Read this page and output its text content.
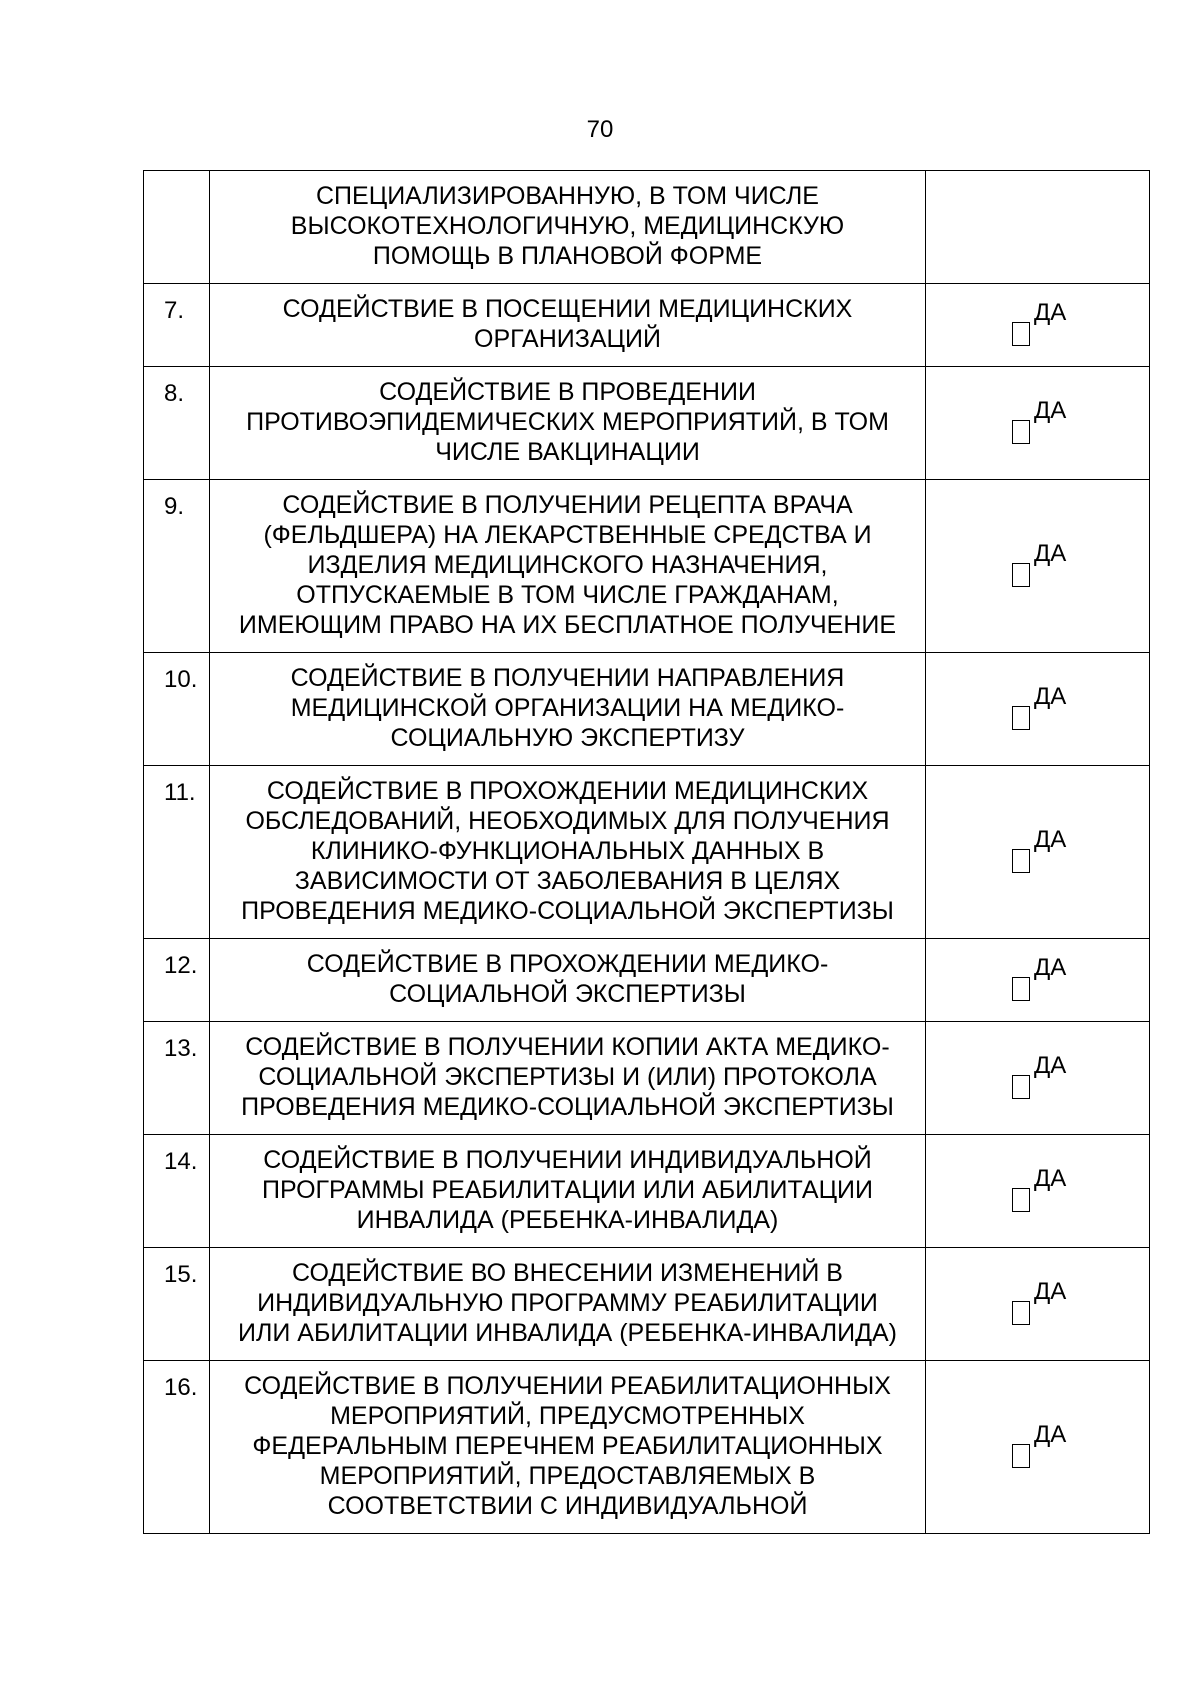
70
	СПЕЦИАЛИЗИРОВАННУЮ, В ТОМ ЧИСЛЕ
ВЫСОКОТЕХНОЛОГИЧНУЮ, МЕДИЦИНСКУЮ
ПОМОЩЬ В ПЛАНОВОЙ ФОРМЕ	
7.	СОДЕЙСТВИЕ В ПОСЕЩЕНИИ МЕДИЦИНСКИХ
ОРГАНИЗАЦИЙ	ДА

8.	СОДЕЙСТВИЕ В ПРОВЕДЕНИИ
ПРОТИВОЭПИДЕМИЧЕСКИХ МЕРОПРИЯТИЙ, В ТОМ
ЧИСЛЕ ВАКЦИНАЦИИ	ДА

9.	СОДЕЙСТВИЕ В ПОЛУЧЕНИИ РЕЦЕПТА ВРАЧА
(ФЕЛЬДШЕРА) НА ЛЕКАРСТВЕННЫЕ СРЕДСТВА И
ИЗДЕЛИЯ МЕДИЦИНСКОГО НАЗНАЧЕНИЯ,
ОТПУСКАЕМЫЕ В ТОМ ЧИСЛЕ ГРАЖДАНАМ,
ИМЕЮЩИМ ПРАВО НА ИХ БЕСПЛАТНОЕ ПОЛУЧЕНИЕ	ДА

10.	СОДЕЙСТВИЕ В ПОЛУЧЕНИИ НАПРАВЛЕНИЯ
МЕДИЦИНСКОЙ ОРГАНИЗАЦИИ НА МЕДИКО-
СОЦИАЛЬНУЮ ЭКСПЕРТИЗУ	ДА

11.	СОДЕЙСТВИЕ В ПРОХОЖДЕНИИ МЕДИЦИНСКИХ
ОБСЛЕДОВАНИЙ, НЕОБХОДИМЫХ ДЛЯ ПОЛУЧЕНИЯ
КЛИНИКО-ФУНКЦИОНАЛЬНЫХ ДАННЫХ В
ЗАВИСИМОСТИ ОТ ЗАБОЛЕВАНИЯ В ЦЕЛЯХ
ПРОВЕДЕНИЯ МЕДИКО-СОЦИАЛЬНОЙ ЭКСПЕРТИЗЫ	ДА

12.	СОДЕЙСТВИЕ В ПРОХОЖДЕНИИ МЕДИКО-
СОЦИАЛЬНОЙ ЭКСПЕРТИЗЫ	ДА

13.	СОДЕЙСТВИЕ В ПОЛУЧЕНИИ КОПИИ АКТА МЕДИКО-
СОЦИАЛЬНОЙ ЭКСПЕРТИЗЫ И (ИЛИ) ПРОТОКОЛА
ПРОВЕДЕНИЯ МЕДИКО-СОЦИАЛЬНОЙ ЭКСПЕРТИЗЫ	ДА

14.	СОДЕЙСТВИЕ В ПОЛУЧЕНИИ ИНДИВИДУАЛЬНОЙ
ПРОГРАММЫ РЕАБИЛИТАЦИИ ИЛИ АБИЛИТАЦИИ
ИНВАЛИДА (РЕБЕНКА-ИНВАЛИДА)	ДА

15.	СОДЕЙСТВИЕ ВО ВНЕСЕНИИ ИЗМЕНЕНИЙ В
ИНДИВИДУАЛЬНУЮ ПРОГРАММУ РЕАБИЛИТАЦИИ
ИЛИ АБИЛИТАЦИИ ИНВАЛИДА (РЕБЕНКА-ИНВАЛИДА)	ДА

16.	СОДЕЙСТВИЕ В ПОЛУЧЕНИИ РЕАБИЛИТАЦИОННЫХ
МЕРОПРИЯТИЙ, ПРЕДУСМОТРЕННЫХ
ФЕДЕРАЛЬНЫМ ПЕРЕЧНЕМ РЕАБИЛИТАЦИОННЫХ
МЕРОПРИЯТИЙ, ПРЕДОСТАВЛЯЕМЫХ В
СООТВЕТСТВИИ С ИНДИВИДУАЛЬНОЙ	ДА
